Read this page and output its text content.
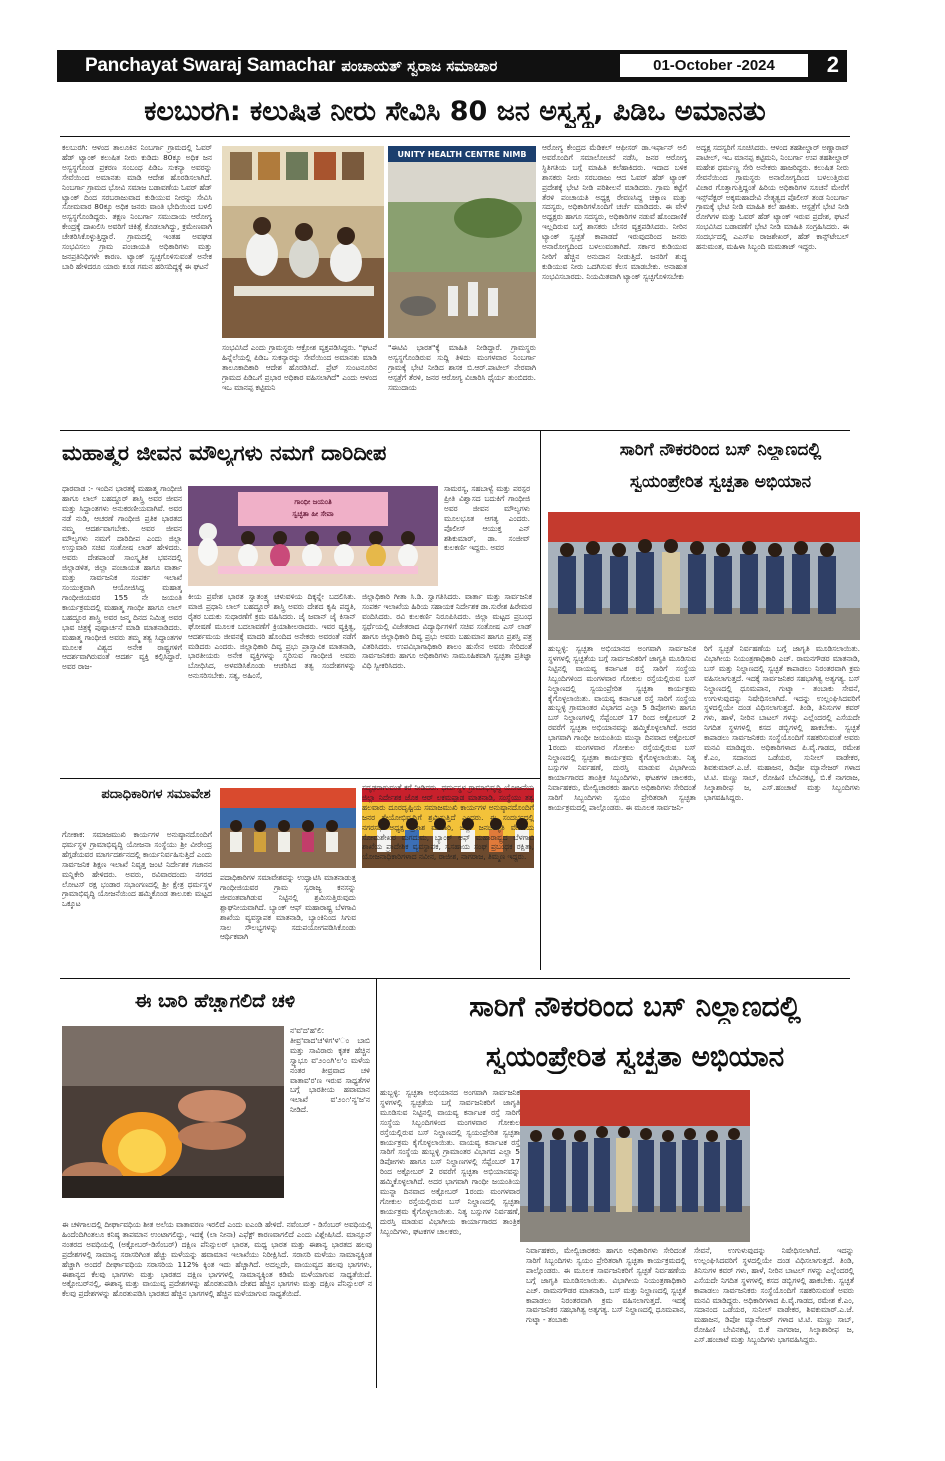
Panchayat Swaraj Samachar ಪಂಚಾಯತ್ ಸ್ವರಾಜ ಸಮಾಚಾರ	01-October -2024	2
ಕಲಬುರಗಿ: ಕಲುಷಿತ ನೀರು ಸೇವಿಸಿ 80 ಜನ ಅಸ್ವಸ್ಥ, ಪಿಡಿಒ ಅಮಾನತು
ಕಲಬುರಗಿ: ಆಳಂದ ತಾಲೂಕಿನ ನಿಂಬರ್ಗಾ ಗ್ರಾಮದಲ್ಲಿ ಓವರ್ ಹೆಡ್ ಟ್ಯಾಂಕ್ ಕಲುಷಿತ ನೀರು ಕುಡಿದು 80ಕ್ಕೂ ಅಧಿಕ ಜನ ಅಸ್ವಸ್ಥಗೊಂಡ ಪ್ರಕರಣ ಸಂಬಂಧ ಪಿಡಿಒ ಸುಕನ್ಯಾ ಅವರನ್ನು ಸೇವೆಯಿಂದ ಅಮಾನತು ಮಾಡಿ ಆದೇಶ ಹೊರಡಿಸಲಾಗಿದೆ. ನಿಂಬರ್ಗಾ ಗ್ರಾಮದ ಭೋವಿ ಸಮಾಜ ಬಡಾವಣೆಯ ಓವರ್ ಹೆಡ್ ಟ್ಯಾಂಕ್ ದಿಂದ ಸರಬರಾಜುವಾದ ಕುಡಿಯುವ ನೀರನ್ನು ಸೇವಿಸಿ ಸೋಮವಾರ 80ಕ್ಕೂ ಅಧಿಕ ಜನರು ವಾಂತಿ ಭೇದಿಯಿಂದ ಬಳಲಿ ಅಸ್ವಸ್ಥಗೊಂಡಿದ್ದರು. ತಕ್ಷಣ ನಿಂಬರ್ಗಾ ಸಮುದಾಯ ಆರೋಗ್ಯ ಕೇಂದ್ರಕ್ಕೆ ದಾಖಲಿಸಿ ಅವರಿಗೆ ಚಿಕಿತ್ಸೆ ಕೊಡಲಾಗಿದ್ದು, ಕ್ರಮೇಣವಾಗಿ ಚೇತರಿಸಿಕೊಳ್ಳುತ್ತಿದ್ದಾರೆ. ಗ್ರಾಮದಲ್ಲಿ ಇಂತಹ ಅವಘಡ ಸಂಭವಿಸಲು ಗ್ರಾಮ ಪಂಚಾಯತಿ ಅಧಿಕಾರಿಗಳು ಮತ್ತು ಜನಪ್ರತಿನಿಧಿಗಳೇ ಕಾರಣ. ಟ್ಯಾಂಕ್ ಸ್ವಚ್ಛಗೊಳಿಸುವಂತೆ ಅನೇಕ ಬಾರಿ ಹೇಳಿದರೂ ಯಾರು ಕೂಡ ಗಮನ ಹರಿಸದಿದ್ದಕ್ಕೆ ಈ ಘಟನೆ
UNITY HEALTH CENTRE NIMB
ಸಂಭವಿಸಿದೆ ಎಂದು ಗ್ರಾಮಸ್ಥರು ಆಕ್ರೋಶ ವ್ಯಕ್ತಪಡಿಸಿದ್ದರು. "ಘಟನೆ ಹಿನ್ನೆಲೆಯಲ್ಲಿ ಪಿಡಿಒ ಸುಕನ್ಯಾರನ್ನು ಸೇವೆಯಿಂದ ಅಮಾನತು ಮಾಡಿ ತಾಲೂಕಾದಿಕಾರಿ ಆದೇಶ ಹೊರಡಿಸಿದೆ. ಪ್ರೆಟ್ ಸುಂಟನೂರಿನ ಗ್ರಾಮದ ಪಿಡಿಒಗೆ ಪ್ರಭಾರ ಅಧಿಕಾರ ವಹಿಸಲಾಗಿದೆ" ಎಂದು ಆಳಂದ ಇಒ ಮಾನಪ್ಪ ಕಟ್ಟಿಮನಿ
"ಈಟಿವಿ ಭಾರತ"ಕ್ಕೆ ಮಾಹಿತಿ ನೀಡಿದ್ದಾರೆ. ಗ್ರಾಮಸ್ಥರು ಅಸ್ವಸ್ಥಗೊಂಡಿರುವ ಸುದ್ದಿ ತಿಳಿದು ಮಂಗಳವಾರ ನಿಂಬರ್ಗಾ ಗ್ರಾಮಕ್ಕೆ ಭೇಟಿ ನೀಡಿದ ಶಾಸಕ ಬಿ.ಆರ್.ಪಾಟೀಲ್ ನೇರವಾಗಿ ಆಸ್ಪತ್ರೆಗೆ ತೆರಳಿ, ಜನರ ಆರೋಗ್ಯ ವಿಚಾರಿಸಿ ಧೈರ್ಯ ತುಂಬಿದರು. ಸಮುದಾಯ
ಆರೋಗ್ಯ ಕೇಂದ್ರದ ಮೆಡಿಕಲ್ ಆಫೀಸರ್ ಡಾ.ಇರ್ಫಾನ್ ಅಲಿ ಅವರೊಂದಿಗೆ ಸಮಾಲೋಚನೆ ನಡೆಸಿ, ಜನರ ಆರೋಗ್ಯ ಸ್ಥಿತಿಗತಿಯ ಬಗ್ಗೆ ಮಾಹಿತಿ ಕಲೆಹಾಕಿದರು. ಇದಾದ ಬಳಿಕ ಶಾಸಕರು ನೀರು ಸರಬರಾಜು ಆದ ಓವರ್ ಹೆಡ್ ಟ್ಯಾಂಕ್ ಪ್ರದೇಶಕ್ಕೆ ಭೇಟಿ ನೀಡಿ ಪರಿಶೀಲನೆ ಮಾಡಿದರು. ಗ್ರಾಮ ಕಟ್ಟೆಗೆ ತೆರಳಿ ಪಂಚಾಯತಿ ಅಧ್ಯಕ್ಷ ರೇವಣಸಿದ್ದ ಚಿಕ್ಕಾಣ ಮತ್ತು ಸದಸ್ಯರು, ಅಧಿಕಾರಿಗಳೊಂದಿಗೆ ಚರ್ಚೆ ಮಾಡಿದರು. ಈ ವೇಳೆ ಅಧ್ಯಕ್ಷರು ಹಾಗೂ ಸದಸ್ಯರು, ಅಧಿಕಾರಿಗಳ ನಡುವೆ ಹೊಂದಾಣಿಕೆ ಇಲ್ಲದಿರುವ ಬಗ್ಗೆ ಶಾಸಕರು ಬೇಸರ ವ್ಯಕ್ತಪಡಿಸಿದರು. ನೀರಿನ ಟ್ಯಾಂಕ್ ಸ್ವಚ್ಛತೆ ಕಾಪಾಡದೆ ಇರುವುದರಿಂದ ಜನರು ಅನಾರೋಗ್ಯದಿಂದ ಬಳಲುವಂತಾಗಿದೆ. ಸರ್ಕಾರ ಕುಡಿಯುವ ನೀರಿಗೆ ಹೆಚ್ಚಿನ ಅನುದಾನ ನೀಡುತ್ತಿದೆ. ಜನರಿಗೆ ಶುದ್ಧ ಕುಡಿಯುವ ನೀರು ಒದಗಿಸುವ ಕೆಲಸ ಮಾಡಬೇಕು. ಅನಾಹುತ ಸಂಭವಿಸಬಾರದು. ನಿಯಮಿತವಾಗಿ ಟ್ಯಾಂಕ್ ಸ್ವಚ್ಛಗೊಳಿಸಬೇಕು
ಅದ್ಯಕ್ಷ ಸದಸ್ಯರಿಗೆ ಸೂಚಿಸಿದರು. ಆಳಂದ ತಹಶೀಲ್ದಾರ್ ಅಣ್ಣಾರಾವ್ ಪಾಟೀಲ್, ಇಒ ಮಾನಪ್ಪ ಕಟ್ಟಿಮನಿ, ನಿಂಬರ್ಗಾ ಉಪ ತಹಶೀಲ್ದಾರ್ ಮಹೇಶ ಧರ್ಮಣ್ಣ ಸೇರಿ ಅನೇಕರು ಹಾಜರಿದ್ದರು. ಕಲುಷಿತ ನೀರು ಸೇವನೆಯಿಂದ ಗ್ರಾಮಸ್ಥರು ಅನಾರೋಗ್ಯದಿಂದ ಬಳಲುತ್ತಿರುವ ವಿಚಾರ ಗೊತ್ತಾಗುತ್ತಿದ್ದಂತೆ ಹಿರಿಯ ಅಧಿಕಾರಿಗಳ ಸೂಚನೆ ಮೇರೆಗೆ ಇನ್ಸ್‌ಪೆಕ್ಟರ್ ಅಕ್ಕಮಹಾದೇವಿ ನೇತೃತ್ವದ ಪೊಲೀಸ್ ತಂಡ ನಿಂಬರ್ಗಾ ಗ್ರಾಮಕ್ಕೆ ಭೇಟಿ ನೀಡಿ ಮಾಹಿತಿ ಕಲೆ ಹಾಕಿತು. ಆಸ್ಪತ್ರೆಗೆ ಭೇಟಿ ನೀಡಿ ರೋಗಿಗಳ ಮತ್ತು ಓವರ್ ಹೆಡ್ ಟ್ಯಾಂಕ್ ಇರುವ ಪ್ರದೇಶ, ಘಟನೆ ಸಂಭವಿಸಿದ ಬಡಾವಣೆಗೆ ಭೇಟಿ ನೀಡಿ ಮಾಹಿತಿ ಸಂಗ್ರಹಿಸಿದರು. ಈ ಸಂದರ್ಭದಲ್ಲಿ ಎಎಸ್ಐ ರಾಜಶೇಖರ್, ಹೆಡ್ ಕಾನ್ಸ್‌ಟೇಬಲ್ ಹನುಮಂತ, ಮಹಿಳಾ ಸಿಬ್ಬಂದಿ ಮಮತಾಜ್ ಇದ್ದರು.
ಮಹಾತ್ಮರ ಜೀವನ ಮೌಲ್ಯಗಳು ನಮಗೆ ದಾರಿದೀಪ
ಧಾರವಾಡ :- ಇಂದಿನ ಭಾರತಕ್ಕೆ ಮಹಾತ್ಮ ಗಾಂಧೀಜಿ ಹಾಗೂ ಲಾಲ್ ಬಹದ್ದೂರ್ ಶಾಸ್ತ್ರಿ ಅವರ ಜೀವನ ಮತ್ತು ಸಿದ್ದಾಂತಗಳು ಅನುಕರಣೀಯವಾಗಿವೆ. ಅವರ ನಡೆ ನುಡಿ, ಆಚರಣೆ ಗಾಂಧೀಜಿ ಪ್ರತಿಕ ಭಾರತದ ನಮ್ಮ ಆದರ್ಶವಾಗಬೇಕು. ಅವರ ಜೀವನ ಮೌಲ್ಯಗಳು ನಮಗೆ ದಾರಿದೀಪ ಎಂದು ಜಿಲ್ಲಾ ಉಸ್ತುವಾರಿ ಸಚಿವ ಸಂತೋಷ ಲಾಡ್ ಹೇಳಿದರು. ಅವರು ದೇಶಪಾಂಡೆ ಸಾಂಸ್ಕೃತಿಕ ಭವನದಲ್ಲಿ ಜಿಲ್ಲಾಡಳಿತ, ಜಿಲ್ಲಾ ಪಂಚಾಯತ ಹಾಗೂ ವಾರ್ತಾ ಮತ್ತು ಸಾರ್ವಜನಿಕ ಸಂಪರ್ಕ ಇಲಾಖೆ ಸಂಯುಕ್ತವಾಗಿ ಆಯೋಜಿಸಿದ್ದ ಮಹಾತ್ಮ ಗಾಂಧೀಜಿಯವರ 155 ನೇ ಜಯಂತಿ ಕಾರ್ಯಕ್ರಮದಲ್ಲಿ ಮಹಾತ್ಮ ಗಾಂಧೀ ಹಾಗೂ ಲಾಲ್ ಬಹದ್ದೂರ ಶಾಸ್ತ್ರಿ ಅವರ ಜನ್ಮ ದಿನದ ನಿಮಿತ್ತ ಅವರ ಭಾವ ಚಿತ್ರಕ್ಕೆ ಪುಷ್ಪಾರ್ಚನೆ ಮಾಡಿ ಮಾತನಾಡಿದರು. ಮಹಾತ್ಮ ಗಾಂಧೀಜಿ ಅವರು ತಮ್ಮ ತತ್ವ ಸಿದ್ಧಾಂತಗಳ ಮೂಲಕ ವಿಶ್ವದ ಅನೇಕ ರಾಷ್ಟ್ರಗಳಿಗೆ ಆದರ್ಶವಾಗಿರುವಂತೆ ಆದರ್ಶ ವ್ಯಕ್ತಿ ಕಲ್ಪಿಸಿದ್ದಾರೆ. ಅವರ ರಾಜ-
ಗಾಂಧೀ ಜಯಂತಿ
ಸ್ವಚ್ಛತಾ ಹೀ ಸೇವಾ
ಸಾಮರಸ್ಯ, ಸಹಬಾಳ್ವೆ ಮತ್ತು ಪರಸ್ಪರ ಪ್ರೀತಿ ವಿಶ್ವಾಸದ ಬದುಕಿಗೆ ಗಾಂಧೀಜಿ ಅವರ ಜೀವನ ಮೌಲ್ಯಗಳು ಮೂಲಭೂತ ಆಗತ್ಯ ಎಂದರು. ಪೊಲೀಸ್ ಆಯುಕ್ತ ಎನ್ ಶಶಿಕುಮಾರ್, ಡಾ. ಸಂಜೀವ್ ಕುಲಕರ್ಣಿ ಇದ್ದರು. ಅವರ
ಕೀಯ ಪ್ರವೇಶ ಭಾರತ ಸ್ವಾತಂತ್ರ್ಯ ಚಳುವಳಿಯ ದಿಕ್ಕನ್ನೇ ಬದಲಿಸಿತು. ಮಾಜಿ ಪ್ರಧಾನಿ ಲಾಲ್ ಬಹದ್ದೂರ್ ಶಾಸ್ತ್ರಿ ಅವರು ದೇಶದ ಕೃಷಿ ಪದ್ಧತಿ, ರೈತರ ಬದುಕು ಸುಧಾರಣೆಗೆ ಕ್ರಮ ವಹಿಸಿದರು. ಜೈ ಜವಾನ್ ಜೈ ಕಿಸಾನ್ ಘೋಷಣೆ ಮೂಲಕ ಬದಲಾವಣೆಗೆ ಕ್ರಿಯಾಶೀಲರಾದರು. ಇವರ ವ್ಯಕ್ತಿತ್ವ, ಆದರ್ಶಮಯ ಜೀವನಕ್ಕೆ ಮಾದರಿ ಹೊಂದಿದ ಅನೇಕರು ಅವರಂತೆ ನಡೆಗೆ ಮಡಿದರು ಎಂದರು. ಜಿಲ್ಲಾಧಿಕಾರಿ ದಿವ್ಯ ಪ್ರಭು ಪ್ರಾಸ್ತಾವಿಕ ಮಾತನಾಡಿ, ಭಾರತೀಯರು ಅನೇಕ ವ್ಯಕ್ತಿಗಳನ್ನು ಸ್ಮರಿಸುವ ಗಾಂಧೀಜಿ ಅವರು ಬೋಧಿಸಿದ, ಅಳವಡಿಸಿಕೊಂಡು ಆಚರಿಸಿದ ತತ್ವ ಸಂದೇಶಗಳನ್ನು ಅನುಸರಿಸಬೇಕು. ಸತ್ಯ, ಅಹಿಂಸೆ,
ಜಿಲ್ಲಾಧಿಕಾರಿ ಗೀತಾ ಸಿ.ಡಿ. ಸ್ವಾಗತಿಸಿದರು. ವಾರ್ತಾ ಮತ್ತು ಸಾರ್ವಜನಿಕ ಸಂಪರ್ಕ ಇಲಾಖೆಯ ಹಿರಿಯ ಸಹಾಯಕ ನಿರ್ದೇಶಕ ಡಾ.ಸುರೇಶ ಹಿರೇಮಠ ವಂದಿಸಿದರು. ರವಿ ಕುಲಕರ್ಣಿ ನಿರೂಪಿಸಿದರು. ಜಿಲ್ಲಾ ಮಟ್ಟದ ಪ್ರಬಂಧ ಸ್ಪರ್ಧೆಯಲ್ಲಿ ವಿಜೇತರಾದ ವಿದ್ಯಾರ್ಥಿಗಳಿಗೆ ಸಚಿವ ಸಂತೋಷ ಎಸ್ ಲಾಡ್ ಹಾಗೂ ಜಿಲ್ಲಾಧಿಕಾರಿ ದಿವ್ಯ ಪ್ರಭು ಅವರು ಬಹುಮಾನ ಹಾಗೂ ಪ್ರಶಸ್ತಿ ಪತ್ರ ವಿತರಿಸಿದರು. ಉಪವಿಭಾಗಾಧಿಕಾರಿ ಶಾಲಂ ಹುಸೇನ ಅವರು ಸೇರಿದಂತೆ ಸಾರ್ವಜನಿಕರು ಹಾಗೂ ಅಧಿಕಾರಿಗಳು ಸಾಮೂಹಿಕವಾಗಿ ಸ್ವಚ್ಛತಾ ಪ್ರತಿಜ್ಞಾ ವಿಧಿ ಸ್ವೀಕರಿಸಿದರು.
ಪದಾಧಿಕಾರಿಗಳ ಸಮಾವೇಶ
ಗೋಕಾಕ: ಸಮಾಜಮುಖಿ ಕಾರ್ಯಗಳ ಅನುಷ್ಠಾನದೊಂದಿಗೆ ಧರ್ಮಸ್ಥಳ ಗ್ರಾಮಾಭಿವೃದ್ಧಿ ಯೋಜನಾ ಸಂಸ್ಥೆಯು ಶ್ರೀ ವೀರೇಂದ್ರ ಹೆಗ್ಗಡೆಯವರ ಮಾರ್ಗದರ್ಶನದಲ್ಲಿ ಕಾರ್ಯನಿರ್ವಹಿಸುತ್ತಿದೆ ಎಂದು ಸಾರ್ವಜನಿಕ ಶಿಕ್ಷಣ ಇಲಾಖೆ ನಿವೃತ್ತ ಜಂಟಿ ನಿರ್ದೇಶಕ ಗಜಾನನ ಮನ್ನಿಕೇರಿ ಹೇಳಿದರು. ಅವರು, ರವಿವಾರದಂದು ನಗರದ ಲೋಟಸ್ ರಕ್ಷ ಭಂಡಾರ ಸಭಾಂಗಣದಲ್ಲಿ ಶ್ರೀ ಕ್ಷೇತ್ರ ಧರ್ಮಸ್ಥಳ ಗ್ರಾಮಾಭಿವೃದ್ಧಿ ಯೋಜನೆಯಿಂದ ಹಮ್ಮಿಕೊಂಡ ತಾಲೂಕು ಮಟ್ಟದ ಒಕ್ಕೂಟ
ಪದಾಧಿಕಾರಿಗಳ ಸಮಾವೇಶವನ್ನು ಉದ್ಘಾಟಿಸಿ ಮಾತನಾಡುತ್ತ ಗಾಂಧೀಜಿಯವರ ಗ್ರಾಮ ಸ್ವರಾಜ್ಯ ಕನಸನ್ನು ಜೀವಂತವಾಗಿಡುವ ನಿಟ್ಟಿನಲ್ಲಿ ಶ್ರಮಿಸುತ್ತಿರುವುದು ಶ್ಲಾಘನೀಯವಾಗಿದೆ. ಬ್ಯಾಂಕ್ ಆಫ್ ಮಹಾರಾಷ್ಟ್ರ ಬೆಳಗಾವಿ ಶಾಖೆಯ ವ್ಯವಸ್ಥಾಪಕ ಮಾತನಾಡಿ, ಬ್ಯಾಂಕಿನಿಂದ ಸಿಗುವ ಸಾಲ ಸೌಲಭ್ಯಗಳನ್ನು ಸದುಪಯೋಗಪಡಿಸಿಕೊಂಡು ಆರ್ಥಿಕವಾಗಿ
ಸದೃಢರಾಗುವಂತೆ ಕರೆ ನೀಡಿದರು. ಧರ್ಮಸ್ಥಳ ಗ್ರಾಮಾಭಿವೃದ್ಧಿ ಯೋಜನೆಯ ಜಿಲ್ಲಾ ನಿರ್ದೇಶಕ ಜೊಕ ಆರ್ ಲಕಮಪ್ಪಾಡ ಮಾತನಾಡಿ, ಸಂಸ್ಥೆಯು ತತ್ವ ಹಲವಾರು ದೂರದೃಷ್ಟಿಯ ಸಮಾಜಮುಖಿ ಕಾರ್ಯಗಳ ಅನುಷ್ಠಾನದೊಂದಿಗೆ ಜನರ ಶ್ರೇಯೋಭಿವೃದ್ಧಿಗೆ ಶ್ರಮಿಸುತ್ತಿದೆ ಎಂದರು. ಈ ಸಂದರ್ಭದಲ್ಲಿ ನಗರಸಭೆ ಅಧ್ಯಕ್ಷ ಪ್ರಕಾಶ ಮುರಾರಿ, ಜಿಲ್ಲಾ ಜನಜಾಗೃತಿ ವೇದಿಕೆಯ ಸೋಮಶೇಖರ ಮಗದುಮ, ಬ್ಯಾಂಕ್ ಆಫ್ ಮಹಾರಾಷ್ಟ್ರದ ಬೆಳಗಾವಿ ಶಾಖೆಯ ಪ್ರಾದೇಶಿಕ ವ್ಯವಸ್ಥಾಪಕ, ಸ್ವಸಹಾಯ ಸಂಘ ಪ್ರಬಂಧಕ ರಕ್ಷಿತಾ, ಯೋಜನಾಧಿಕಾರಿಗಳಾದ ನವೀನ, ರಾಜೀಶ, ನಾಗರಾಜ, ತಿಮ್ಮಣ ಇದ್ದರು.
ಸಾರಿಗೆ ನೌಕರರಿಂದ ಬಸ್ ನಿಲ್ದಾಣದಲ್ಲಿ
ಸ್ವಯಂಪ್ರೇರಿತ ಸ್ವಚ್ಛತಾ ಅಭಿಯಾನ
ಹುಬ್ಬಳ್ಳಿ: ಸ್ವಚ್ಛತಾ ಅಭಿಯಾನದ ಅಂಗವಾಗಿ ಸಾರ್ವಜನಿಕ ಸ್ಥಳಗಳಲ್ಲಿ ಸ್ವಚ್ಛತೆಯ ಬಗ್ಗೆ ಸಾರ್ವಜನಿಕರಿಗೆ ಜಾಗೃತಿ ಮೂಡಿಸುವ ನಿಟ್ಟಿನಲ್ಲಿ ವಾಯವ್ಯ ಕರ್ನಾಟಕ ರಸ್ತೆ ಸಾರಿಗೆ ಸಂಸ್ಥೆಯ ಸಿಬ್ಬಂದಿಗಳಿಂದ ಮಂಗಳವಾರ ಗೋಕುಲ ರಸ್ತೆಯಲ್ಲಿರುವ ಬಸ್ ನಿಲ್ದಾಣದಲ್ಲಿ ಸ್ವಯಂಪ್ರೇರಿತ ಸ್ವಚ್ಛತಾ ಕಾರ್ಯಕ್ರಮ ಕೈಗೊಳ್ಳಲಾಯಿತು. ವಾಯವ್ಯ ಕರ್ನಾಟಕ ರಸ್ತೆ ಸಾರಿಗೆ ಸಂಸ್ಥೆಯ ಹುಬ್ಬಳ್ಳಿ ಗ್ರಾಮಾಂತರ ವಿಭಾಗದ ಎಲ್ಲಾ 5 ಡಿಪೋಗಳು ಹಾಗೂ ಬಸ್ ನಿಲ್ದಾಣಗಳಲ್ಲಿ ಸೆಪ್ಟೆಂಬರ್ 17 ರಿಂದ ಅಕ್ಟೋಬರ್ 2 ರವರೆಗೆ ಸ್ವಚ್ಛತಾ ಅಭಿಯಾನವನ್ನು ಹಮ್ಮಿಕೊಳ್ಳಲಾಗಿದೆ. ಅದರ ಭಾಗವಾಗಿ ಗಾಂಧೀ ಜಯಂತಿಯ ಮುನ್ನಾ ದಿನವಾದ ಅಕ್ಟೋಬರ್ 1ರಂದು ಮಂಗಳವಾರ ಗೋಕುಲ ರಸ್ತೆಯಲ್ಲಿರುವ ಬಸ್ ನಿಲ್ದಾಣದಲ್ಲಿ ಸ್ವಚ್ಛತಾ ಕಾರ್ಯಕ್ರಮ ಕೈಗೊಳ್ಳಲಾಯಿತು. ನಿತ್ಯ ಬಸ್ಸುಗಳ ನಿರ್ವಹಣೆ, ದುರಸ್ತಿ ಮಾಡುವ ವಿಭಾಗೀಯ ಕಾರ್ಯಾಗಾರದ ತಾಂತ್ರಿಕ ಸಿಬ್ಬಂದಿಗಳು, ಘಟಕಗಳ ಚಾಲಕರು, ನಿರ್ವಾಹಕರು, ಮೇಲ್ವಿಚಾರಕರು ಹಾಗೂ ಅಧಿಕಾರಿಗಳು ಸೇರಿದಂತೆ ಸಾರಿಗೆ ಸಿಬ್ಬಂದಿಗಳು ಸ್ವಯಂ ಪ್ರೇರಿತರಾಗಿ ಸ್ವಚ್ಛತಾ ಕಾರ್ಯಕ್ರಮದಲ್ಲಿ ಪಾಲ್ಗೊಂಡರು. ಈ ಮೂಲಕ ಸಾರ್ವಜನಿ-
ರಿಗೆ ಸ್ವಚ್ಛತೆ ನಿರ್ವಹಣೆಯ ಬಗ್ಗೆ ಜಾಗೃತಿ ಮೂಡಿಸಲಾಯಿತು. ವಿಭಾಗೀಯ ನಿಯಂತ್ರಣಾಧಿಕಾರಿ ಎಚ್. ರಾಮನಗೌಡರ ಮಾತನಾಡಿ, ಬಸ್ ಮತ್ತು ನಿಲ್ದಾಣದಲ್ಲಿ ಸ್ವಚ್ಛತೆ ಕಾಪಾಡಲು ನಿರಂತರವಾಗಿ ಕ್ರಮ ವಹಿಸಲಾಗುತ್ತದೆ. ಇದಕ್ಕೆ ಸಾರ್ವಜನಿಕರ ಸಹಭಾಗಿತ್ವ ಅತ್ಯಗತ್ಯ. ಬಸ್ ನಿಲ್ದಾಣದಲ್ಲಿ ಧೂಮಪಾನ, ಗುಟ್ಕಾ - ತಂಬಾಕು ಸೇವನೆ, ಉಗುಳುವುದನ್ನು ನಿಷೇಧಿಸಲಾಗಿದೆ. ಇದನ್ನು ಉಲ್ಲಂಘಿಸಿದವರಿಗೆ ಸ್ಥಳದಲ್ಲಿಯೇ ದಂಡ ವಿಧಿಸಲಾಗುತ್ತದೆ. ತಿಂಡಿ, ತಿನಿಸುಗಳ ಕವರ್ ಗಳು, ಹಾಳೆ, ನೀರಿನ ಬಾಟಲ್ ಗಳನ್ನು ಎಲ್ಲೆಂದರಲ್ಲಿ ಎಸೆಯದೇ ನಿಗದಿತ ಸ್ಥಳಗಳಲ್ಲಿ ಕಸದ ಡಬ್ಬಿಗಳಲ್ಲಿ ಹಾಕಬೇಕು. ಸ್ವಚ್ಛತೆ ಕಾಪಾಡಲು ಸಾರ್ವಜನಿಕರು ಸಂಸ್ಥೆಯೊಂದಿಗೆ ಸಹಕರಿಸುವಂತೆ ಅವರು ಮನವಿ ಮಾಡಿದ್ದರು. ಅಧಿಕಾರಿಗಳಾದ ಪಿ.ವೈ.ಗಾಡದ, ರಮೇಶ ಕೆ.ಎಂ, ಸದಾನಂದ ಒಡೆಯರ, ಸುನೀಲ್ ವಾಡೇಕರ, ಶಿವಕುಮಾರ್.ಎ.ಜೆ. ಮಹಾಜನ, ಡಿಪೋ ಮ್ಯಾನೇಜರ್ ಗಳಾದ ಟಿ.ಟಿ. ಮಣ್ಣು ಸಾಬ್, ರೋಹಿಣಿ ಬೇವಿನಕಟ್ಟಿ, ಬಿ.ಕೆ ನಾಗರಾಜ, ಸಿಲ್ಕಾಶಾರೀಫ ಜ, ಎಸ್.ಹಂಚಾಟೆ ಮತ್ತು ಸಿಬ್ಬಂದಿಗಳು ಭಾಗವಹಿಸಿದ್ದರು.
ಈ ಬಾರಿ ಹೆಚ್ಚಾಗಲಿದೆ ಚಳಿ
ನ'ವ'ದ'ಹ'ಲಿ: ತೀವ್ರ'ವಾದ'ಚ'ಳಿಗ'ಳ'ಂ ಬಾಬಿ ಮತ್ತು ಸಾವಿರಾರು ಕೃತಕ ಹೆಚ್ಚಿನ ಸ್ವ್ಯಾಭೂ ವ'೨೦೦ಗಿ'ಲ'೦ ಮಳೆಯ ನಂತರ ತೀವ್ರವಾದ ಚಳಿ ವಾತಾವ'ರ'ಣ ಇರುವ ಸಾಧ್ಯತೆಗಳ ಬಗ್ಗೆ ಭಾರತೀಯ ಹವಾಮಾನ ಇಲಾಖೆ ವ'೨೦೧'ನ್ಯ'ಜ'ನ ನೀಡಿದೆ.
ಈ ಚಳಿಗಾಲದಲ್ಲಿ ದೀರ್ಘಾವಧಿಯ ಶೀತ ಅಲೆಯ ವಾತಾವರಣ ಇರಲಿದೆ ಎಂದು ಐಎಂಡಿ ಹೇಳಿದೆ. ನವೆಂಬರ್ - ಡಿಸೆಂಬರ್ ಅವಧಿಯಲ್ಲಿ ಹಿಂದೆಂದಿಗಿಂತಲೂ ಕನಿಷ್ಠ ತಾಪಮಾನ ಉಂಟಾಗಲಿದ್ದು, ಇದಕ್ಕೆ (ಲಾ ನೀನಾ) ಎಫೆಕ್ಟ್ ಕಾರಣವಾಗಲಿದೆ ಎಂದು ವಿಶ್ಲೇಷಿಸಿದೆ. ಮಾನ್ಸೂನ್ ನಂತರದ ಅವಧಿಯಲ್ಲಿ (ಅಕ್ಟೋಬರ್-ಡಿಸೆಂಬರ್) ದಕ್ಷಿಣ ಪೆನಿನ್ಸುಲರ್ ಭಾರತ, ಮಧ್ಯ ಭಾರತ ಮತ್ತು ಈಶಾನ್ಯ ಭಾರತದ ಹಲವು ಪ್ರದೇಶಗಳಲ್ಲಿ ಸಾಮಾನ್ಯ ಸರಾಸರಿಗಿಂತ ಹೆಚ್ಚು ಮಳೆಯನ್ನು ಹವಾಮಾನ ಇಲಾಖೆಯು ನಿರೀಕ್ಷಿಸಿದೆ. ಸರಾಸರಿ ಮಳೆಯು ಸಾಮಾನ್ಯಕ್ಕಿಂತ ಹೆಚ್ಚಾಗಿ ಅಂದರೆ ದೀರ್ಘಾವಧಿಯ ಸರಾಸರಿಯ 112% ಕ್ಕಿಂತ ಇದು ಹೆಚ್ಚಾಗಿದೆ. ಅದಲ್ಲದೇ, ವಾಯುವ್ಯದ ಹಲವು ಭಾಗಗಳು, ಈಶಾನ್ಯದ ಕೆಲವು ಭಾಗಗಳು ಮತ್ತು ಭಾರತದ ದಕ್ಷಿಣ ಭಾಗಗಳಲ್ಲಿ ಸಾಮಾನ್ಯಕ್ಕಿಂತ ಕಡಿಮೆ ಮಳೆಯಾಗುವ ಸಾಧ್ಯತೆಯಿದೆ. ಅಕ್ಟೋಬರ್‌ನಲ್ಲಿ, ಈಶಾನ್ಯ ಮತ್ತು ವಾಯುವ್ಯ ಪ್ರದೇಶಗಳನ್ನು ಹೊರತುಪಡಿಸಿ ದೇಶದ ಹೆಚ್ಚಿನ ಭಾಗಗಳು ಮತ್ತು ದಕ್ಷಿಣ ಪೆನಿನ್ಸುಲರ್ ನ ಕೆಲವು ಪ್ರದೇಶಗಳನ್ನು ಹೊರತುಪಡಿಸಿ ಭಾರತದ ಹೆಚ್ಚಿನ ಭಾಗಗಳಲ್ಲಿ ಹೆಚ್ಚಿನ ಮಳೆಯಾಗುವ ಸಾಧ್ಯತೆಯಿದೆ.
ಸಾರಿಗೆ ನೌಕರರಿಂದ ಬಸ್ ನಿಲ್ದಾಣದಲ್ಲಿ
ಸ್ವಯಂಪ್ರೇರಿತ ಸ್ವಚ್ಛತಾ ಅಭಿಯಾನ
ಹುಬ್ಬಳ್ಳಿ: ಸ್ವಚ್ಛತಾ ಅಭಿಯಾನದ ಅಂಗವಾಗಿ ಸಾರ್ವಜನಿಕ ಸ್ಥಳಗಳಲ್ಲಿ ಸ್ವಚ್ಛತೆಯ ಬಗ್ಗೆ ಸಾರ್ವಜನಿಕರಿಗೆ ಜಾಗೃತಿ ಮೂಡಿಸುವ ನಿಟ್ಟಿನಲ್ಲಿ ವಾಯವ್ಯ ಕರ್ನಾಟಕ ರಸ್ತೆ ಸಾರಿಗೆ ಸಂಸ್ಥೆಯ ಸಿಬ್ಬಂದಿಗಳಿಂದ ಮಂಗಳವಾರ ಗೋಕುಲ ರಸ್ತೆಯಲ್ಲಿರುವ ಬಸ್ ನಿಲ್ದಾಣದಲ್ಲಿ ಸ್ವಯಂಪ್ರೇರಿತ ಸ್ವಚ್ಛತಾ ಕಾರ್ಯಕ್ರಮ ಕೈಗೊಳ್ಳಲಾಯಿತು. ವಾಯವ್ಯ ಕರ್ನಾಟಕ ರಸ್ತೆ ಸಾರಿಗೆ ಸಂಸ್ಥೆಯ ಹುಬ್ಬಳ್ಳಿ ಗ್ರಾಮಾಂತರ ವಿಭಾಗದ ಎಲ್ಲಾ 5 ಡಿಪೋಗಳು ಹಾಗೂ ಬಸ್ ನಿಲ್ದಾಣಗಳಲ್ಲಿ ಸೆಪ್ಟೆಂಬರ್ 17 ರಿಂದ ಅಕ್ಟೋಬರ್ 2 ರವರೆಗೆ ಸ್ವಚ್ಛತಾ ಅಭಿಯಾನವನ್ನು ಹಮ್ಮಿಕೊಳ್ಳಲಾಗಿದೆ. ಅದರ ಭಾಗವಾಗಿ ಗಾಂಧೀ ಜಯಂತಿಯ ಮುನ್ನಾ ದಿನವಾದ ಅಕ್ಟೋಬರ್ 1ರಂದು ಮಂಗಳವಾರ ಗೋಕುಲ ರಸ್ತೆಯಲ್ಲಿರುವ ಬಸ್ ನಿಲ್ದಾಣದಲ್ಲಿ ಸ್ವಚ್ಛತಾ ಕಾರ್ಯಕ್ರಮ ಕೈಗೊಳ್ಳಲಾಯಿತು. ನಿತ್ಯ ಬಸ್ಸುಗಳ ನಿರ್ವಹಣೆ, ದುರಸ್ತಿ ಮಾಡುವ ವಿಭಾಗೀಯ ಕಾರ್ಯಾಗಾರದ ತಾಂತ್ರಿಕ ಸಿಬ್ಬಂದಿಗಳು, ಘಟಕಗಳ ಚಾಲಕರು,
ನಿರ್ವಾಹಕರು, ಮೇಲ್ವಿಚಾರಕರು ಹಾಗೂ ಅಧಿಕಾರಿಗಳು ಸೇರಿದಂತೆ ಸಾರಿಗೆ ಸಿಬ್ಬಂದಿಗಳು ಸ್ವಯಂ ಪ್ರೇರಿತರಾಗಿ ಸ್ವಚ್ಛತಾ ಕಾರ್ಯಕ್ರಮದಲ್ಲಿ ಪಾಲ್ಗೊಂಡರು. ಈ ಮೂಲಕ ಸಾರ್ವಜನಿಕರಿಗೆ ಸ್ವಚ್ಛತೆ ನಿರ್ವಹಣೆಯ ಬಗ್ಗೆ ಜಾಗೃತಿ ಮೂಡಿಸಲಾಯಿತು. ವಿಭಾಗೀಯ ನಿಯಂತ್ರಣಾಧಿಕಾರಿ ಎಚ್. ರಾಮನಗೌಡರ ಮಾತನಾಡಿ, ಬಸ್ ಮತ್ತು ನಿಲ್ದಾಣದಲ್ಲಿ ಸ್ವಚ್ಛತೆ ಕಾಪಾಡಲು ನಿರಂತರವಾಗಿ ಕ್ರಮ ವಹಿಸಲಾಗುತ್ತದೆ. ಇದಕ್ಕೆ ಸಾರ್ವಜನಿಕರ ಸಹಭಾಗಿತ್ವ ಅತ್ಯಗತ್ಯ. ಬಸ್ ನಿಲ್ದಾಣದಲ್ಲಿ ಧೂಮಪಾನ, ಗುಟ್ಕಾ - ತಂಬಾಕು
ಸೇವನೆ, ಉಗುಳುವುದನ್ನು ನಿಷೇಧಿಸಲಾಗಿದೆ. ಇದನ್ನು ಉಲ್ಲಂಘಿಸಿದವರಿಗೆ ಸ್ಥಳದಲ್ಲಿಯೇ ದಂಡ ವಿಧಿಸಲಾಗುತ್ತದೆ. ತಿಂಡಿ, ತಿನಿಸುಗಳ ಕವರ್ ಗಳು, ಹಾಳೆ, ನೀರಿನ ಬಾಟಲ್ ಗಳನ್ನು ಎಲ್ಲೆಂದರಲ್ಲಿ ಎಸೆಯದೇ ನಿಗದಿತ ಸ್ಥಳಗಳಲ್ಲಿ ಕಸದ ಡಬ್ಬಿಗಳಲ್ಲಿ ಹಾಕಬೇಕು. ಸ್ವಚ್ಛತೆ ಕಾಪಾಡಲು ಸಾರ್ವಜನಿಕರು ಸಂಸ್ಥೆಯೊಂದಿಗೆ ಸಹಕರಿಸುವಂತೆ ಅವರು ಮನವಿ ಮಾಡಿದ್ದರು. ಅಧಿಕಾರಿಗಳಾದ ಪಿ.ವೈ.ಗಾಡದ, ರಮೇಶ ಕೆ.ಎಂ, ಸದಾನಂದ ಒಡೆಯರ, ಸುನೀಲ್ ವಾಡೇಕರ, ಶಿವಕುಮಾರ್.ಎ.ಜೆ. ಮಹಾಜನ, ಡಿಪೋ ಮ್ಯಾನೇಜರ್ ಗಳಾದ ಟಿ.ಟಿ. ಮಣ್ಣು ಸಾಬ್, ರೋಹಿಣಿ ಬೇವಿನಕಟ್ಟಿ, ಬಿ.ಕೆ ನಾಗರಾಜ, ಸಿಲ್ಕಾಶಾರೀಫ ಜ, ಎಸ್.ಹಂಚಾಟೆ ಮತ್ತು ಸಿಬ್ಬಂದಿಗಳು ಭಾಗವಹಿಸಿದ್ದರು.
